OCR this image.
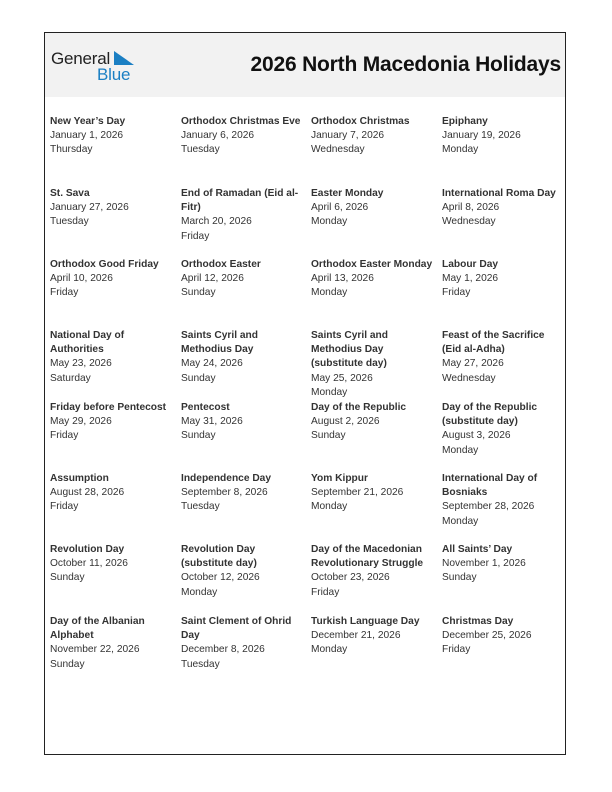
General
Blue	2026 North Macedonia Holidays
New Year’s Day
January 1, 2026
Thursday
Orthodox Christmas Eve
January 6, 2026
Tuesday
Orthodox Christmas
January 7, 2026
Wednesday
Epiphany
January 19, 2026
Monday
St. Sava
January 27, 2026
Tuesday
End of Ramadan (Eid al-Fitr)
March 20, 2026
Friday
Easter Monday
April 6, 2026
Monday
International Roma Day
April 8, 2026
Wednesday
Orthodox Good Friday
April 10, 2026
Friday
Orthodox Easter
April 12, 2026
Sunday
Orthodox Easter Monday
April 13, 2026
Monday
Labour Day
May 1, 2026
Friday
National Day of Authorities
May 23, 2026
Saturday
Saints Cyril and Methodius Day
May 24, 2026
Sunday
Saints Cyril and Methodius Day (substitute day)
May 25, 2026
Monday
Feast of the Sacrifice (Eid al-Adha)
May 27, 2026
Wednesday
Friday before Pentecost
May 29, 2026
Friday
Pentecost
May 31, 2026
Sunday
Day of the Republic
August 2, 2026
Sunday
Day of the Republic (substitute day)
August 3, 2026
Monday
Assumption
August 28, 2026
Friday
Independence Day
September 8, 2026
Tuesday
Yom Kippur
September 21, 2026
Monday
International Day of Bosniaks
September 28, 2026
Monday
Revolution Day
October 11, 2026
Sunday
Revolution Day (substitute day)
October 12, 2026
Monday
Day of the Macedonian Revolutionary Struggle
October 23, 2026
Friday
All Saints’ Day
November 1, 2026
Sunday
Day of the Albanian Alphabet
November 22, 2026
Sunday
Saint Clement of Ohrid Day
December 8, 2026
Tuesday
Turkish Language Day
December 21, 2026
Monday
Christmas Day
December 25, 2026
Friday
